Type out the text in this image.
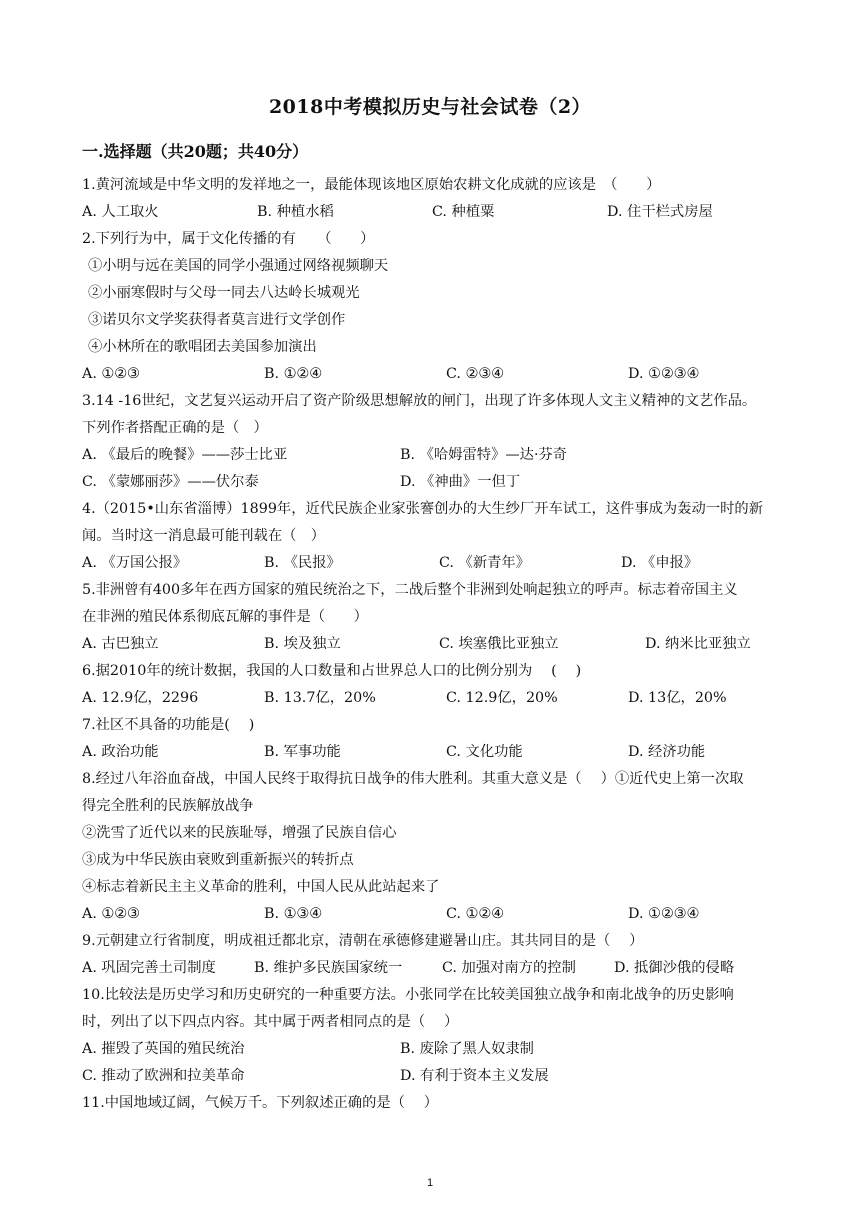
2018中考模拟历史与社会试卷（2）
一.选择题（共20题；共40分）
1.黄河流域是中华文明的发祥地之一，最能体现该地区原始农耕文化成就的应该是　（　　）
A. 人工取火	B. 种植水稻	C. 种植粟	D. 住干栏式房屋
2.下列行为中，属于文化传播的有　　（　　）
①小明与远在美国的同学小强通过网络视频聊天
②小丽寒假时与父母一同去八达岭长城观光
③诺贝尔文学奖获得者莫言进行文学创作
④小林所在的歌唱团去美国参加演出
A. ①②③	B. ①②④	C. ②③④	D. ①②③④
3.14 -16世纪，文艺复兴运动开启了资产阶级思想解放的闸门，出现了许多体现人文主义精神的文艺作品。
下列作者搭配正确的是（　）
A. 《最后的晚餐》——莎士比亚	B. 《哈姆雷特》—达·芬奇
C. 《蒙娜丽莎》——伏尔泰	D. 《神曲》一但丁
4.（2015•山东省淄博）1899年，近代民族企业家张謇创办的大生纱厂开车试工，这件事成为轰动一时的新
闻。当时这一消息最可能刊载在（　）
A. 《万国公报》	B. 《民报》	C. 《新青年》	D. 《申报》
5.非洲曾有400多年在西方国家的殖民统治之下，二战后整个非洲到处响起独立的呼声。标志着帝国主义
在非洲的殖民体系彻底瓦解的事件是（　　）
A. 古巴独立	B. 埃及独立	C. 埃塞俄比亚独立	D. 纳米比亚独立
6.据2010年的统计数据，我国的人口数量和占世界总人口的比例分别为　 (　 )
A. 12.9亿，2296	B. 13.7亿，20%	C. 12.9亿，20%	D. 13亿，20%
7.社区不具备的功能是(　 )
A. 政治功能	B. 军事功能	C. 文化功能	D. 经济功能
8.经过八年浴血奋战，中国人民终于取得抗日战争的伟大胜利。其重大意义是（　 ）①近代史上第一次取
得完全胜利的民族解放战争
②洗雪了近代以来的民族耻辱，增强了民族自信心
③成为中华民族由衰败到重新振兴的转折点
④标志着新民主主义革命的胜利，中国人民从此站起来了
A. ①②③	B. ①③④	C. ①②④	D. ①②③④
9.元朝建立行省制度，明成祖迁都北京，清朝在承德修建避暑山庄。其共同目的是（　 ）
A. 巩固完善土司制度	B. 维护多民族国家统一	C. 加强对南方的控制	D. 抵御沙俄的侵略
10.比较法是历史学习和历史研究的一种重要方法。小张同学在比较美国独立战争和南北战争的历史影响
时，列出了以下四点内容。其中属于两者相同点的是（　 ）
A. 摧毁了英国的殖民统治	B. 废除了黑人奴隶制
C. 推动了欧洲和拉美革命	D. 有利于资本主义发展
11.中国地域辽阔，气候万千。下列叙述正确的是（　 ）
1
